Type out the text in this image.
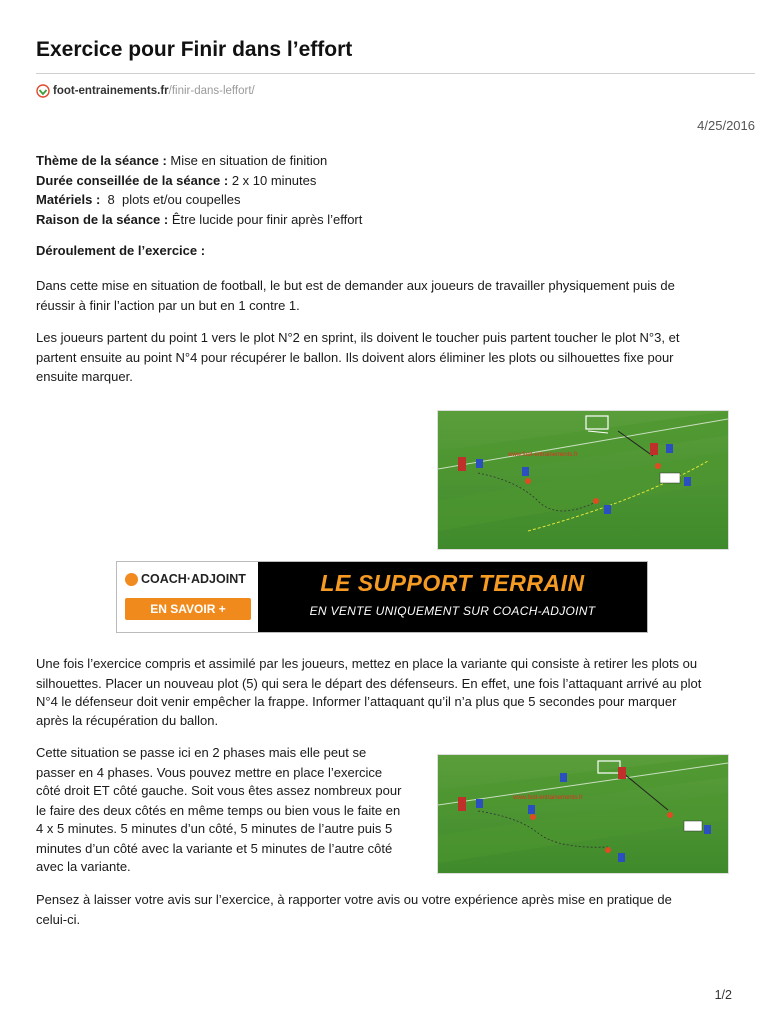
Exercice pour Finir dans l’effort
foot-entrainements.fr /finir-dans-leffort/
4/25/2016
Thème de la séance : Mise en situation de finition
Durée conseillée de la séance : 2 x 10 minutes
Matériels :  8  plots et/ou coupelles
Raison de la séance : Être lucide pour finir après l’effort
Déroulement de l’exercice :

Dans cette mise en situation de football, le but est de demander aux joueurs de travailler physiquement puis de

réussir à finir l’action par un but en 1 contre 1.

Les joueurs partent du point 1 vers le plot N°2 en sprint, ils doivent le toucher puis partent toucher le plot N°3, et

partent ensuite au point N°4 pour récupérer le ballon. Ils doivent alors éliminer les plots ou silhouettes fixe pour

ensuite marquer.

www.foot-entrainements.fr
COACH·ADJOINT
EN SAVOIR +
LE SUPPORT TERRAIN
EN VENTE UNIQUEMENT SUR COACH-ADJOINT

Une fois l’exercice compris et assimilé par les joueurs, mettez en place la variante qui consiste à retirer les plots ou

silhouettes. Placer un nouveau plot (5) qui sera le départ des défenseurs. En effet, une fois l’attaquant arrivé au plot

N°4 le défenseur doit venir empêcher la frappe. Informer l’attaquant qu’il n’a plus que 5 secondes pour marquer

après la récupération du ballon.

Cette situation se passe ici en 2 phases mais elle peut se

passer en 4 phases. Vous pouvez mettre en place l’exercice

côté droit ET côté gauche. Soit vous êtes assez nombreux pour

le faire des deux côtés en même temps ou bien vous le faite en

4 x 5 minutes. 5 minutes d’un côté, 5 minutes de l’autre puis 5

minutes d’un côté avec la variante et 5 minutes de l’autre côté

avec la variante.

www.foot-entrainements.fr

Pensez à laisser votre avis sur l’exercice, à rapporter votre avis ou votre expérience après mise en pratique de

celui-ci.

1/2
